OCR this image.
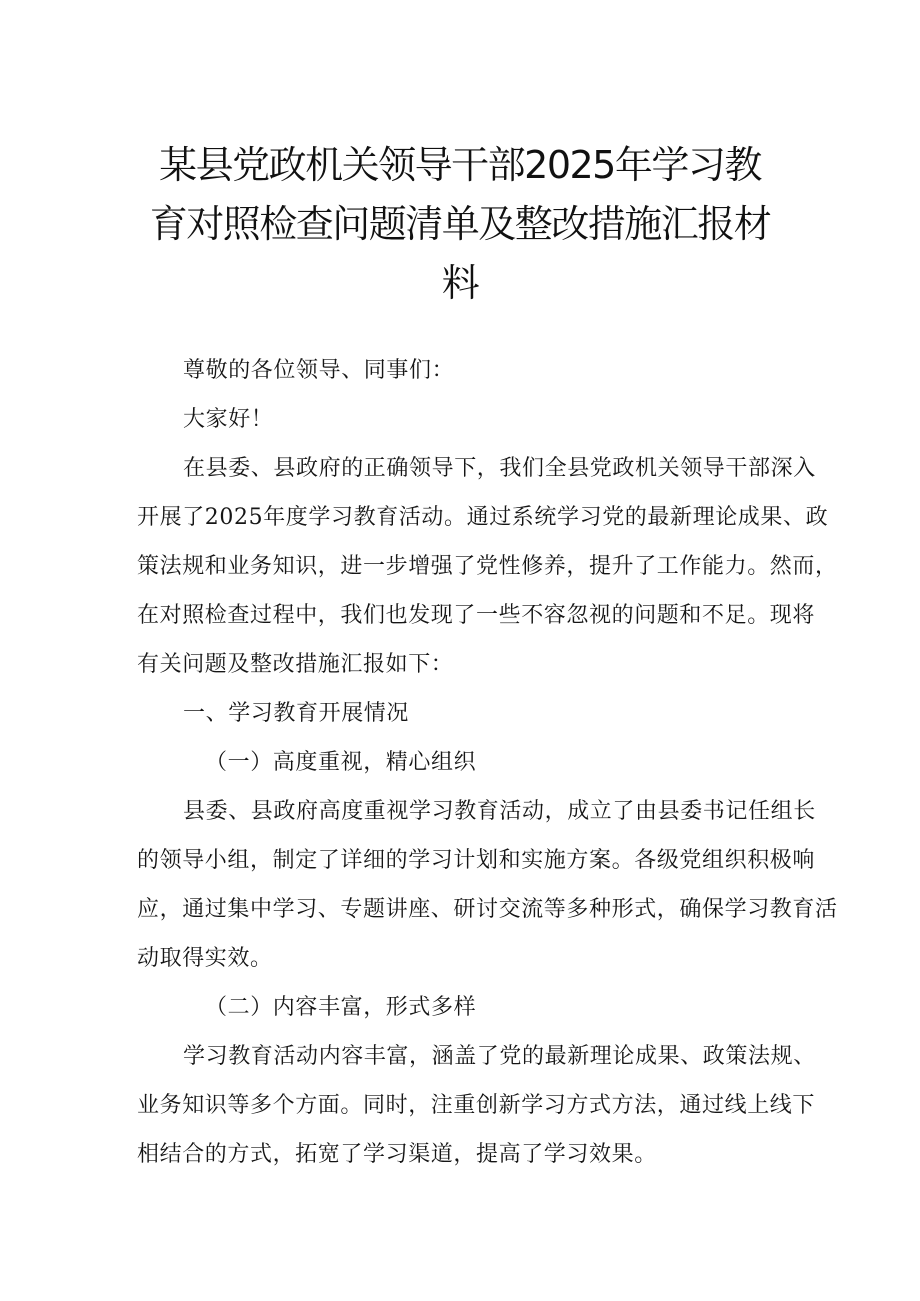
某县党政机关领导干部2025年学习教
育对照检查问题清单及整改措施汇报材
料
尊敬的各位领导、同事们：
大家好！
在县委、县政府的正确领导下，我们全县党政机关领导干部深入
开展了2025年度学习教育活动。通过系统学习党的最新理论成果、政
策法规和业务知识，进一步增强了党性修养，提升了工作能力。然而，
在对照检查过程中，我们也发现了一些不容忽视的问题和不足。现将
有关问题及整改措施汇报如下：
一、学习教育开展情况
（一）高度重视，精心组织
县委、县政府高度重视学习教育活动，成立了由县委书记任组长
的领导小组，制定了详细的学习计划和实施方案。各级党组织积极响
应，通过集中学习、专题讲座、研讨交流等多种形式，确保学习教育活
动取得实效。
（二）内容丰富，形式多样
学习教育活动内容丰富，涵盖了党的最新理论成果、政策法规、
业务知识等多个方面。同时，注重创新学习方式方法，通过线上线下
相结合的方式，拓宽了学习渠道，提高了学习效果。
